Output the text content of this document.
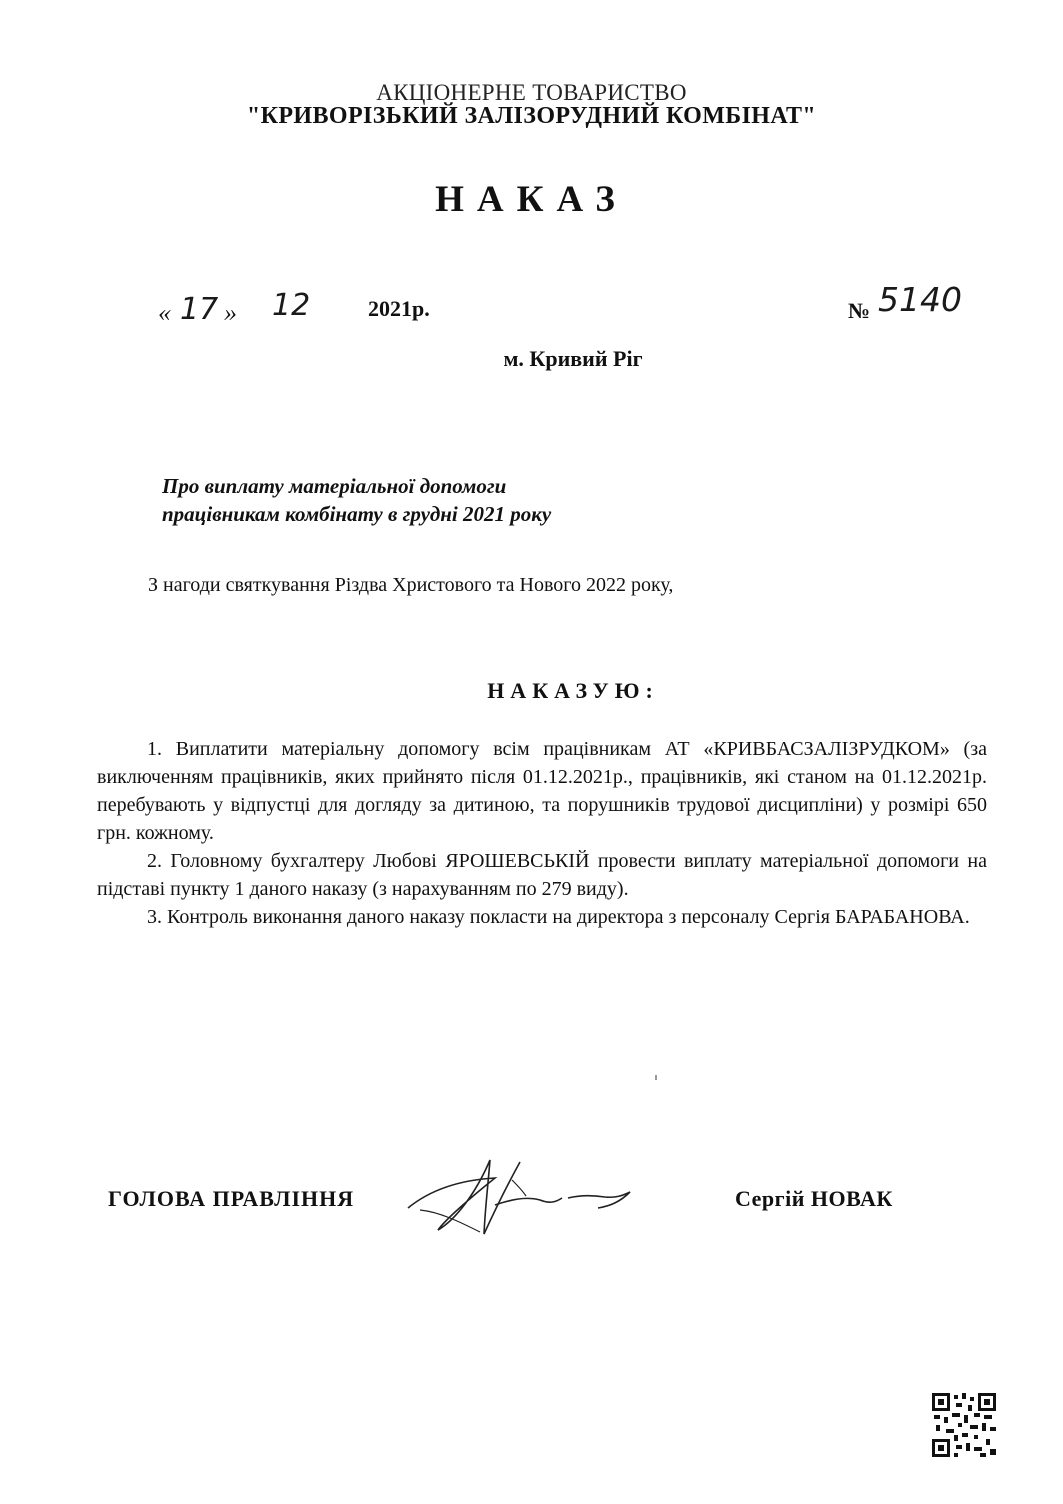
АКЦІОНЕРНЕ ТОВАРИСТВО
"КРИВОРІЗЬКИЙ ЗАЛІЗОРУДНИЙ КОМБІНАТ"
НАКАЗ
« 17 » 12	2021р.	№ 5140
м. Кривий Ріг
Про виплату матеріальної допомоги
працівникам комбінату в грудні 2021 року
З нагоди святкування Різдва Христового та Нового 2022 року,
НАКАЗУЮ:

1. Виплатити матеріальну допомогу всім працівникам АТ «КРИВБАСЗАЛІЗРУДКОМ» (за виключенням працівників, яких прийнято після 01.12.2021р., працівників, які станом на 01.12.2021р. перебувають у відпустці для догляду за дитиною, та порушників трудової дисципліни) у розмірі 650 грн. кожному.

2. Головному бухгалтеру Любові ЯРОШЕВСЬКІЙ провести виплату матеріальної допомоги на підставі пункту 1 даного наказу (з нарахуванням по 279 виду).

3. Контроль виконання даного наказу покласти на директора з персоналу Сергія БАРАБАНОВА.

ГОЛОВА ПРАВЛІННЯ	Сергій НОВАК
